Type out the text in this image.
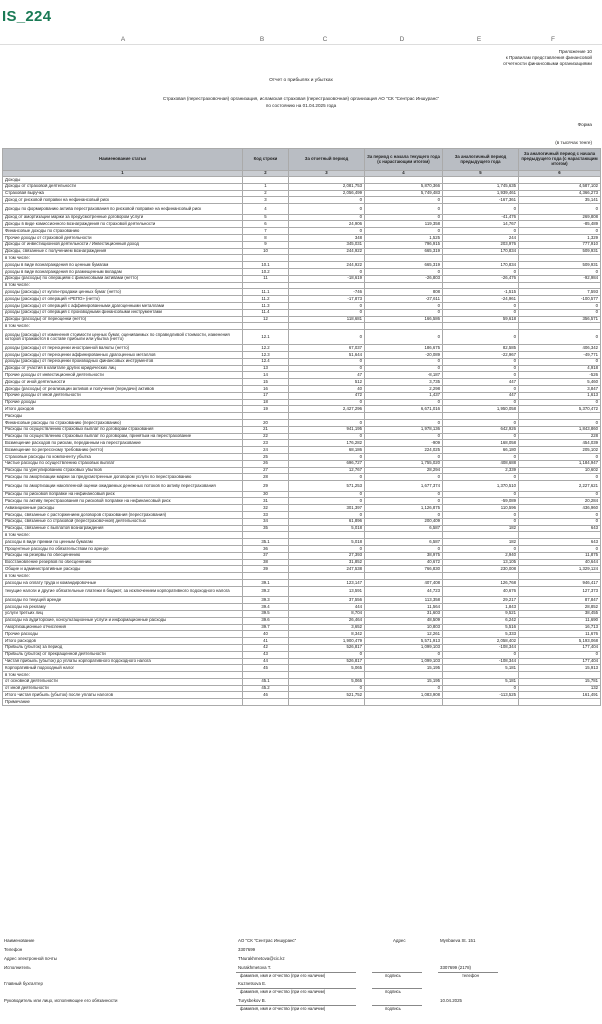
IS_224
A	B	C	D	E	F
Приложение 10
к Правилам представления финансовой
отчетности финансовыми организациями
Отчет о прибылях и убытках
Страховая (перестраховочная) организация, исламская страховая (перестраховочная) организация АО "СК "Сентрас Иншуранс"
по состоянию на 01.04.2025 года
Форма
(в тысячах тенге)
Наименование статьи	Код строки	За отчетный период	За период с начала текущего года (с нарастающим итогом)	За аналогичный период предыдущего года	За аналогичный период с начала предыдущего года (с нарастающим итогом)
1	2	3	4	5	6
Доходы					
Доходы от страховой деятельности	1	2,081,753	5,870,366	1,745,635	4,587,102
Страховая выручка	2	2,056,499	5,749,483	1,939,461	4,366,273
Доход от рисковой поправки на нефинансовый риск	3	0	0	-167,361	35,141
Доходы по формированию актива перестрахования по рисковой поправке на нефинансовый риск	4	0	0	0	0
Доход от амортизации маржи за предусмотренные договором услуги	5	0	0	-41,476	269,808
Доходы в виде комиссионного вознаграждения по страховой деятельности	6	24,906	119,358	14,767	-85,489
Финансовые доходы по страхованию	7	0	0	0	0
Прочие доходы от страховой деятельности	8	348	1,525	244	1,329
Доходы от инвестиционной деятельности / Инвестиционный доход	9	345,031	796,915	203,976	777,910
Доходы, связанные с получением вознаграждения	10	244,922	665,319	170,834	509,931
в том числе:					
доходы в виде вознаграждения по ценным бумагам	10.1	244,922	665,319	170,834	509,931
доходы в виде вознаграждения по размещенным вкладам	10.2	0	0	0	0
Доходы (расходы) по операциям с финансовыми активами (нетто)	11	-18,619	-26,803	-26,476	-92,984
в том числе:					
доходы (расходы) от купли-продажи ценных бумаг (нетто)	11.1	-746	808	-1,515	7,593
доходы (расходы) от операций «РЕПО» (нетто)	11.2	-17,873	-27,611	-24,961	-100,577
доходы (расходы) от операций с аффинированными драгоценными металлами	11.3	0	0	0	0
доходы (расходы) от операций с производными финансовыми инструментами	11.4	0	0	0	0
Доходы (расходы) от переоценки (нетто)	12	118,681	166,586	59,618	356,571
в том числе:					
доходы (расходы) от изменения стоимости ценных бумаг, оцениваемых по справедливой стоимости, изменения которой отражаются в составе прибыли или убытка (нетто)	12.1	0	0	0	0
доходы (расходы) от переоценки иностранной валюты (нетто)	12.2	67,037	186,675	82,585	406,342
доходы (расходы) от переоценки аффинированных драгоценных металлов	12.3	51,644	-20,089	-22,967	-49,771
доходы (расходы) от переоценки производных финансовых инструментов	12.4	0	0	0	0
Доходы от участия в капитале других юридических лиц	13	0	0	0	4,918
Прочие доходы от инвестиционной деятельности	14	47	-8,187	0	-526
Доходы от иной деятельности	15	512	3,735	447	5,460
Доходы (расходы) от реализации активов и получения (передачи) активов	16	40	2,298	0	3,847
Прочие доходы от иной деятельности	17	472	1,437	447	1,613
Прочие доходы	18	0	0	0	0
Итого доходов	19	2,427,296	6,671,016	1,950,058	5,370,472
Расходы					
Финансовые расходы по страхованию (перестрахованию)	20	0	0	0	0
Расходы по осуществлению страховых выплат по договорам страхования	21	941,195	1,978,136	642,926	1,843,860
Расходы по осуществлению страховых выплат по договорам, принятым на перестрахование	22	0	0	0	228
Возмещение расходов по рискам, переданным на перестрахование	23	176,282	-909	168,058	454,039
Возмещение по регрессному требованию (нетто)	24	68,186	224,025	66,180	205,102
Страховые расходы по компоненту убытка	25	0	0	0	0
Чистые расходы по осуществлению страховых выплат	26	696,727	1,755,020	408,688	1,184,947
Расходы по урегулированию страховых убытков	27	12,767	28,294	2,339	10,602
Расходы по амортизации маржи за предусмотренные договором услуги по перестрахованию	28	0	0	0	0
Расходы по амортизации накопленной оценки ожидаемых денежных потоков по активу перестрахования	29	571,253	1,677,374	1,370,510	2,227,621
Расходы по рисковой поправке на нефинансовый риск	30	0	0	0	0
Расходы по активу перестрахования по рисковой поправке на нефинансовый риск	31	0	0	-59,089	20,284
Аквизиционные расходы	32	301,397	1,126,875	110,596	436,960
Расходы, связанные с расторжением договоров страхования (перестрахования)	33	0	0	0	0
Расходы, связанные со страховой (перестраховочной) деятельностью	34	61,896	200,409	0	0
Расходы, связанные с выплатой вознаграждения	35	5,018	6,587	182	643
в том числе:					
расходы в виде премии по ценным бумагам	35.1	5,018	6,587	182	643
Процентные расходы по обязательствам по аренде	36	0	0	0	0
Расходы на резервы по обесценению	37	27,393	38,975	2,940	11,875
Восстановление резервов по обесценению	38	31,852	40,672	13,105	40,644
Общие и административные расходы	39	247,538	766,830	230,008	1,329,124
в том числе:					
расходы на оплату труда и командировочные	39.1	123,147	407,408	126,768	946,417
текущие налоги и другие обязательные платежи в бюджет, за исключением корпоративного подоходного налога	39.2	13,591	44,723	40,676	127,373
расходы по текущей аренде	39.3	37,556	113,358	29,217	87,847
расходы на рекламу	39.4	444	11,564	1,843	28,852
услуги третьих лиц	39.5	8,704	31,603	9,521	38,455
расходы на аудиторские, консультационные услуги и информационные расходы	39.6	26,464	48,509	6,242	11,690
Амортизационные отчисления	39.7	3,652	10,803	5,516	16,713
Прочие расходы	40	8,342	12,261	5,333	11,676
Итого расходов	41	1,900,479	5,571,913	2,058,402	5,193,068
Прибыль (убыток) за период	42	526,817	1,099,103	-108,344	177,404
Прибыль (убыток) от прекращенной деятельности	43	0	0	0	0
Чистая прибыль (убыток) до уплаты корпоративного подоходного налога	44	526,817	1,099,103	-108,344	177,404
Корпоративный подоходный налог	45	5,065	15,195	5,181	15,913
в том числе:					
от основной деятельности	45.1	5,065	15,195	5,181	15,781
от иной деятельности	45.2	0	0	0	132
Итого чистая прибыль (убыток) после уплаты налогов	46	521,752	1,083,908	-113,525	161,491
Примечание					
Наименование	АО "СК "Сентрас Иншуранс"	Адрес	Mynbaeva St. 151
Телефон	3307699
Адрес электронной почты	TNurakhmetova@cic.kz
Исполнитель	Nurakhmetova T.	3307699 (2178)
фамилия, имя и отчество (при его наличии)	подпись	телефон
Главный бухгалтер	Kuznetsova E.
фамилия, имя и отчество (при его наличии)	подпись
Руководитель или лицо, исполняющее его обязанности	Turysbekov B.	10.04.2025
фамилия, имя и отчество (при его наличии)	подпись
